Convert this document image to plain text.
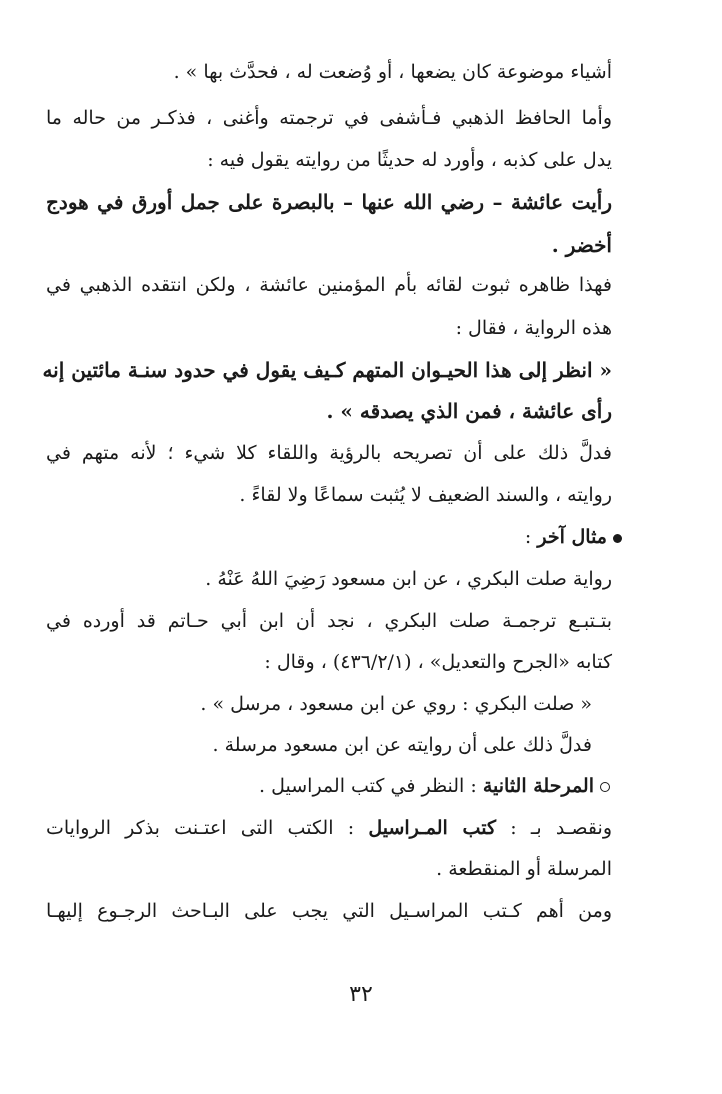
أشياء موضوعة كان يضعها ، أو وُضعت له ، فحدَّث بها » .
وأما الحافظ الذهبي فـأشفى في ترجمته وأغنى ، فذكـر من حاله ما
يدل على كذبه ، وأورد له حديثًا من روايته يقول فيه :
رأيت عائشة – رضي الله عنها – بالبصرة على جمل أورق في هودج
أخضر .
فهذا ظاهره ثبوت لقائه بأم المؤمنين عائشة ، ولكن انتقده الذهبي في
هذه الرواية ، فقال :
« انظر إلى هذا الحيـوان المتهم كـيف يقول في حدود سنـة مائتين إنه
رأى عائشة ، فمن الذي يصدقه » .
فدلَّ ذلك على أن تصريحه بالرؤية واللقاء كلا شيء ؛ لأنه متهم في
روايته ، والسند الضعيف لا يُثبت سماعًا ولا لقاءً .
مثال آخر :
رواية صلت البكري ، عن ابن مسعود رَضِيَ اللهُ عَنْهُ .
بتـتبـع ترجمـة صلت البكري ، نجد أن ابن أبي حـاتم قد أورده في
كتابه «الجرح والتعديل» ، (٤٣٦/٢/١) ، وقال :
« صلت البكري : روي عن ابن مسعود ، مرسل » .
فدلَّ ذلك على أن روايته عن ابن مسعود مرسلة .
المرحلة الثانية : النظر في كتب المراسيل .
ونقصـد بـ : كتب المـراسيل : الكتب التى اعتـنت بذكر الروايات
المرسلة أو المنقطعة .
ومن أهم كـتب المراسـيل التي يجب على البـاحث الرجـوع إليهـا
٣٢
